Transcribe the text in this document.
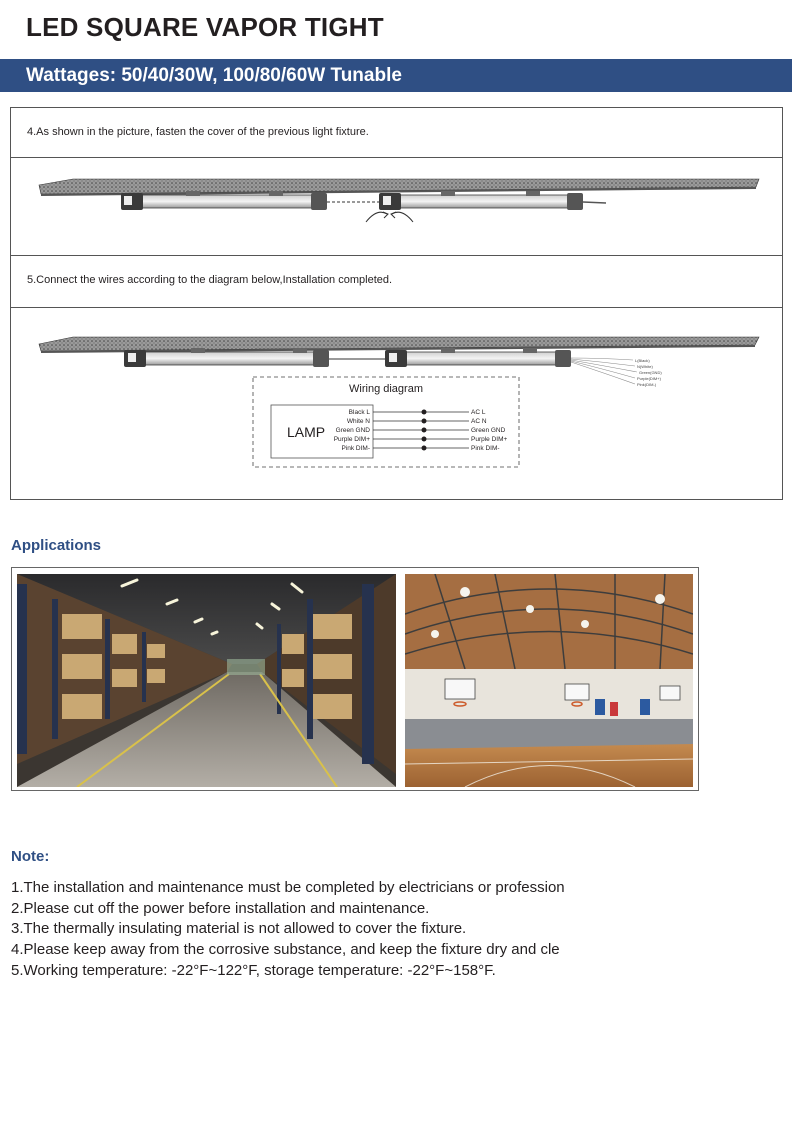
LED SQUARE VAPOR TIGHT
Wattages: 50/40/30W, 100/80/60W Tunable
4.As shown in the picture, fasten the cover of the previous light fixture.
5.Connect the wires according to the diagram below,Installation completed.
L(Black)
N(White)
Green(GND)
Purple(DIM+)
Pink(DIM-)
Wiring diagram
LAMP
Black L
White N
Green GND
Purple DIM+
Pink DIM-
AC L
AC N
Green GND
Purple DIM+
Pink DIM-
Applications
Note:
1.The installation and maintenance must be completed by electricians or profession
2.Please cut off the power before installation and maintenance.
3.The thermally insulating material is not allowed to cover the fixture.
4.Please keep away from the corrosive substance, and keep the fixture dry and cle
5.Working temperature: -22°F~122°F, storage temperature: -22°F~158°F.
